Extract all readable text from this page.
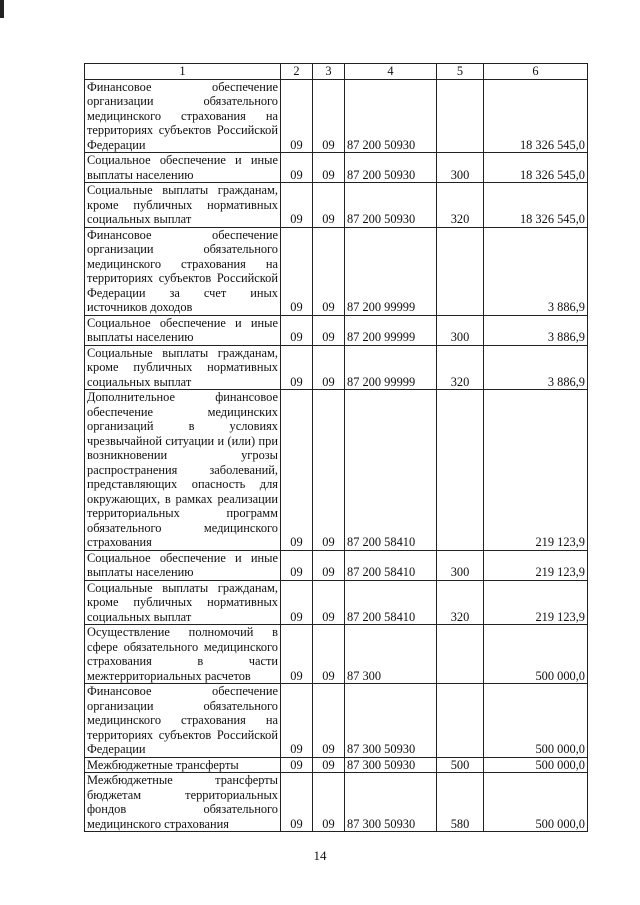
1	2	3	4	5	6
Финансовое обеспечение организации обязательного медицинского страхования на территориях субъектов Российской Федерации	09	09	87 200 50930		18 326 545,0
Социальное обеспечение и иные выплаты населению	09	09	87 200 50930	300	18 326 545,0
Социальные выплаты гражданам, кроме публичных нормативных социальных выплат	09	09	87 200 50930	320	18 326 545,0
Финансовое обеспечение организации обязательного медицинского страхования на территориях субъектов Российской Федерации за счет иных источников доходов	09	09	87 200 99999		3 886,9
Социальное обеспечение и иные выплаты населению	09	09	87 200 99999	300	3 886,9
Социальные выплаты гражданам, кроме публичных нормативных социальных выплат	09	09	87 200 99999	320	3 886,9
Дополнительное финансовое обеспечение медицинских организаций в условиях чрезвычайной ситуации и (или) при возникновении угрозы распространения заболеваний, представляющих опасность для окружающих, в рамках реализации территориальных программ обязательного медицинского страхования	09	09	87 200 58410		219 123,9
Социальное обеспечение и иные выплаты населению	09	09	87 200 58410	300	219 123,9
Социальные выплаты гражданам, кроме публичных нормативных социальных выплат	09	09	87 200 58410	320	219 123,9
Осуществление полномочий в сфере обязательного медицинского страхования в части межтерриториальных расчетов	09	09	87 300		500 000,0
Финансовое обеспечение организации обязательного медицинского страхования на территориях субъектов Российской Федерации	09	09	87 300 50930		500 000,0
Межбюджетные трансферты	09	09	87 300 50930	500	500 000,0
Межбюджетные трансферты бюджетам территориальных фондов обязательного медицинского страхования	09	09	87 300 50930	580	500 000,0
14
